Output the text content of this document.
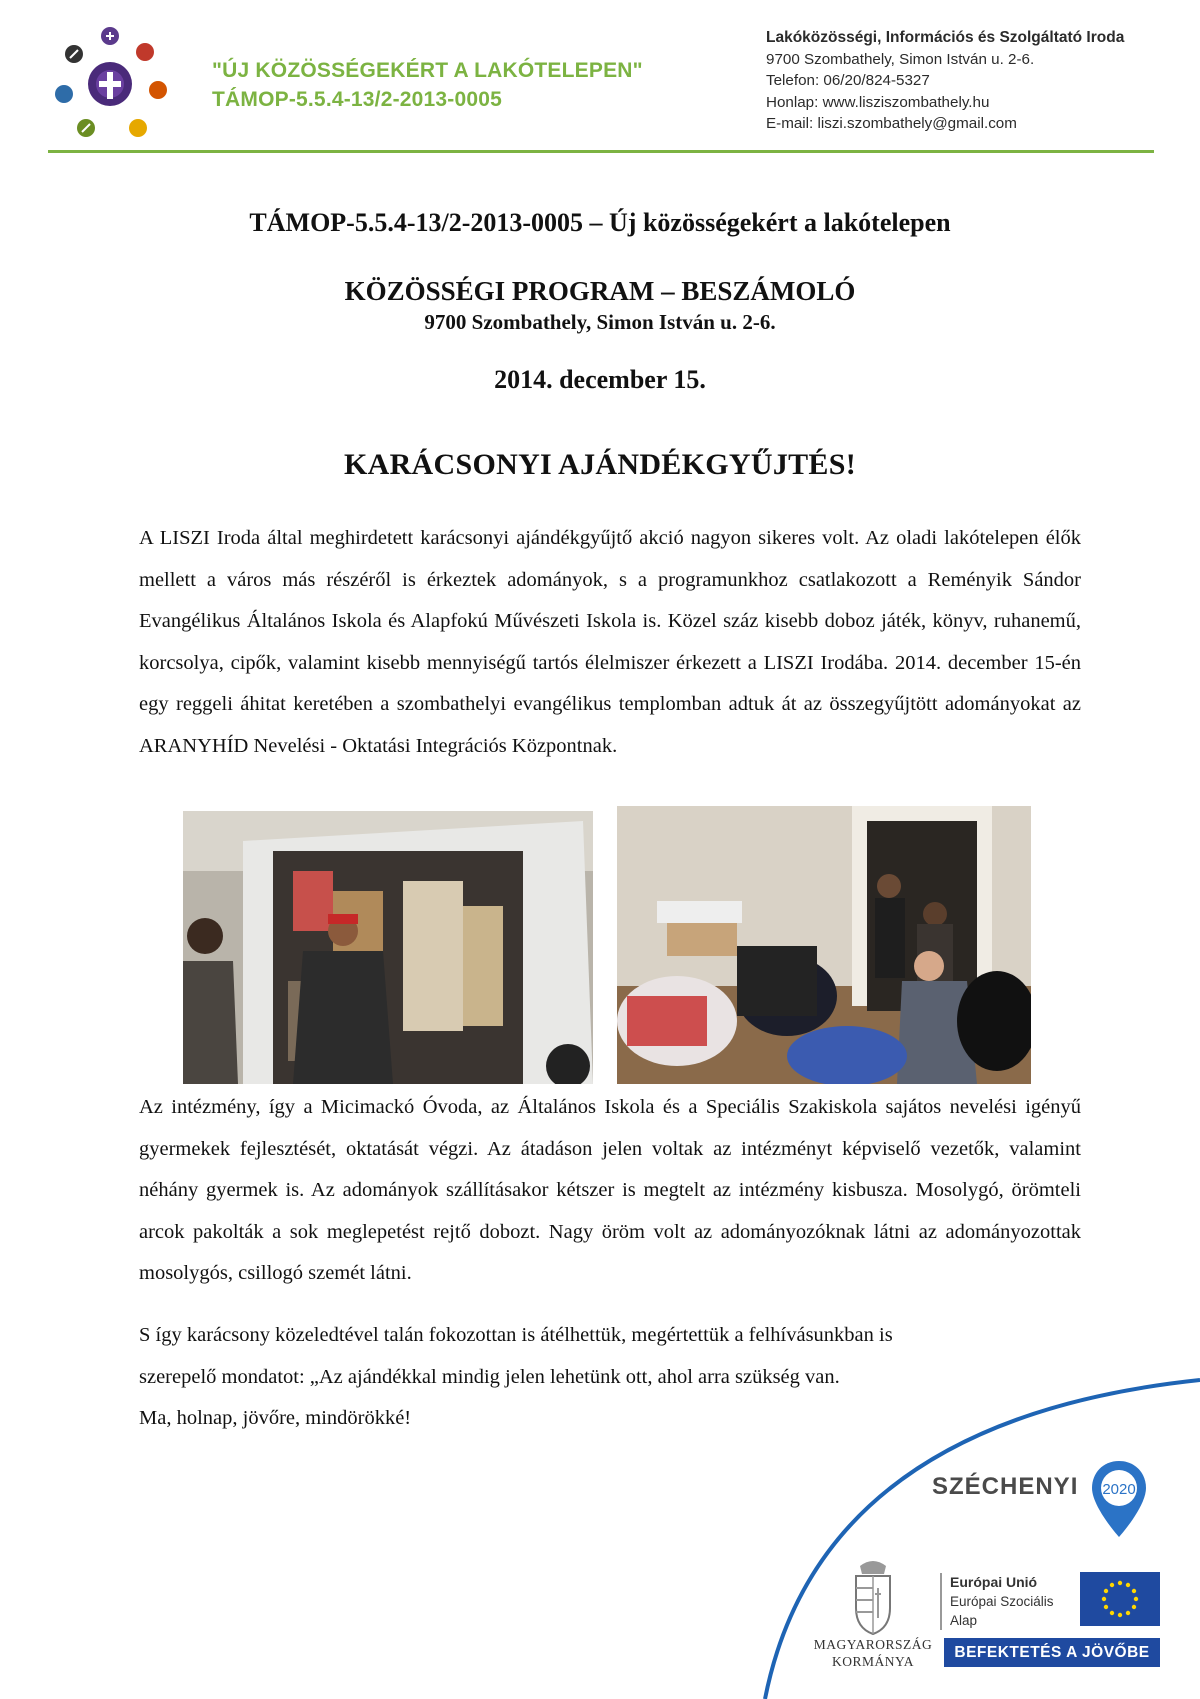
"ÚJ KÖZÖSSÉGEKÉRT A LAKÓTELEPEN"
TÁMOP-5.5.4-13/2-2013-0005
Lakóközösségi, Információs és Szolgáltató Iroda
9700 Szombathely, Simon István u. 2-6.
Telefon: 06/20/824-5327
Honlap: www.lisziszombathely.hu
E-mail: liszi.szombathely@gmail.com
TÁMOP-5.5.4-13/2-2013-0005 – Új közösségekért a lakótelepen
KÖZÖSSÉGI PROGRAM – BESZÁMOLÓ
9700 Szombathely, Simon István u. 2-6.
2014. december 15.
KARÁCSONYI AJÁNDÉKGYŰJTÉS!

A LISZI Iroda által meghirdetett karácsonyi ajándékgyűjtő akció nagyon sikeres volt. Az oladi lakótelepen élők mellett a város más részéről is érkeztek adományok, s a programunkhoz csatlakozott a Reményik Sándor Evangélikus Általános Iskola és Alapfokú Művészeti Iskola is. Közel száz kisebb doboz játék, könyv, ruhanemű, korcsolya, cipők, valamint kisebb mennyiségű tartós élelmiszer érkezett a LISZI Irodába. 2014. december 15-én egy reggeli áhitat keretében a szombathelyi evangélikus templomban adtuk át az összegyűjtött adományokat az ARANYHÍD Nevelési - Oktatási Integrációs Központnak.

Az intézmény, így a Micimackó Óvoda, az Általános Iskola és a Speciális Szakiskola sajátos nevelési igényű gyermekek fejlesztését, oktatását végzi. Az átadáson jelen voltak az intézményt képviselő vezetők, valamint néhány gyermek is. Az adományok szállításakor kétszer is megtelt az intézmény kisbusza. Mosolygó, örömteli arcok pakolták a sok meglepetést rejtő dobozt. Nagy öröm volt az adományozóknak látni az adományozottak mosolygós, csillogó szemét látni.

S így karácsony közeledtével talán fokozottan is átélhettük, megértettük a felhívásunkban is
szerepelő mondatot: „Az ajándékkal mindig jelen lehetünk ott, ahol arra szükség van.
Ma, holnap, jövőre, mindörökké!
SZÉCHENYI 2020
MAGYARORSZÁG
KORMÁNYA
Európai Unió
Európai Szociális
Alap
BEFEKTETÉS A JÖVŐBE
